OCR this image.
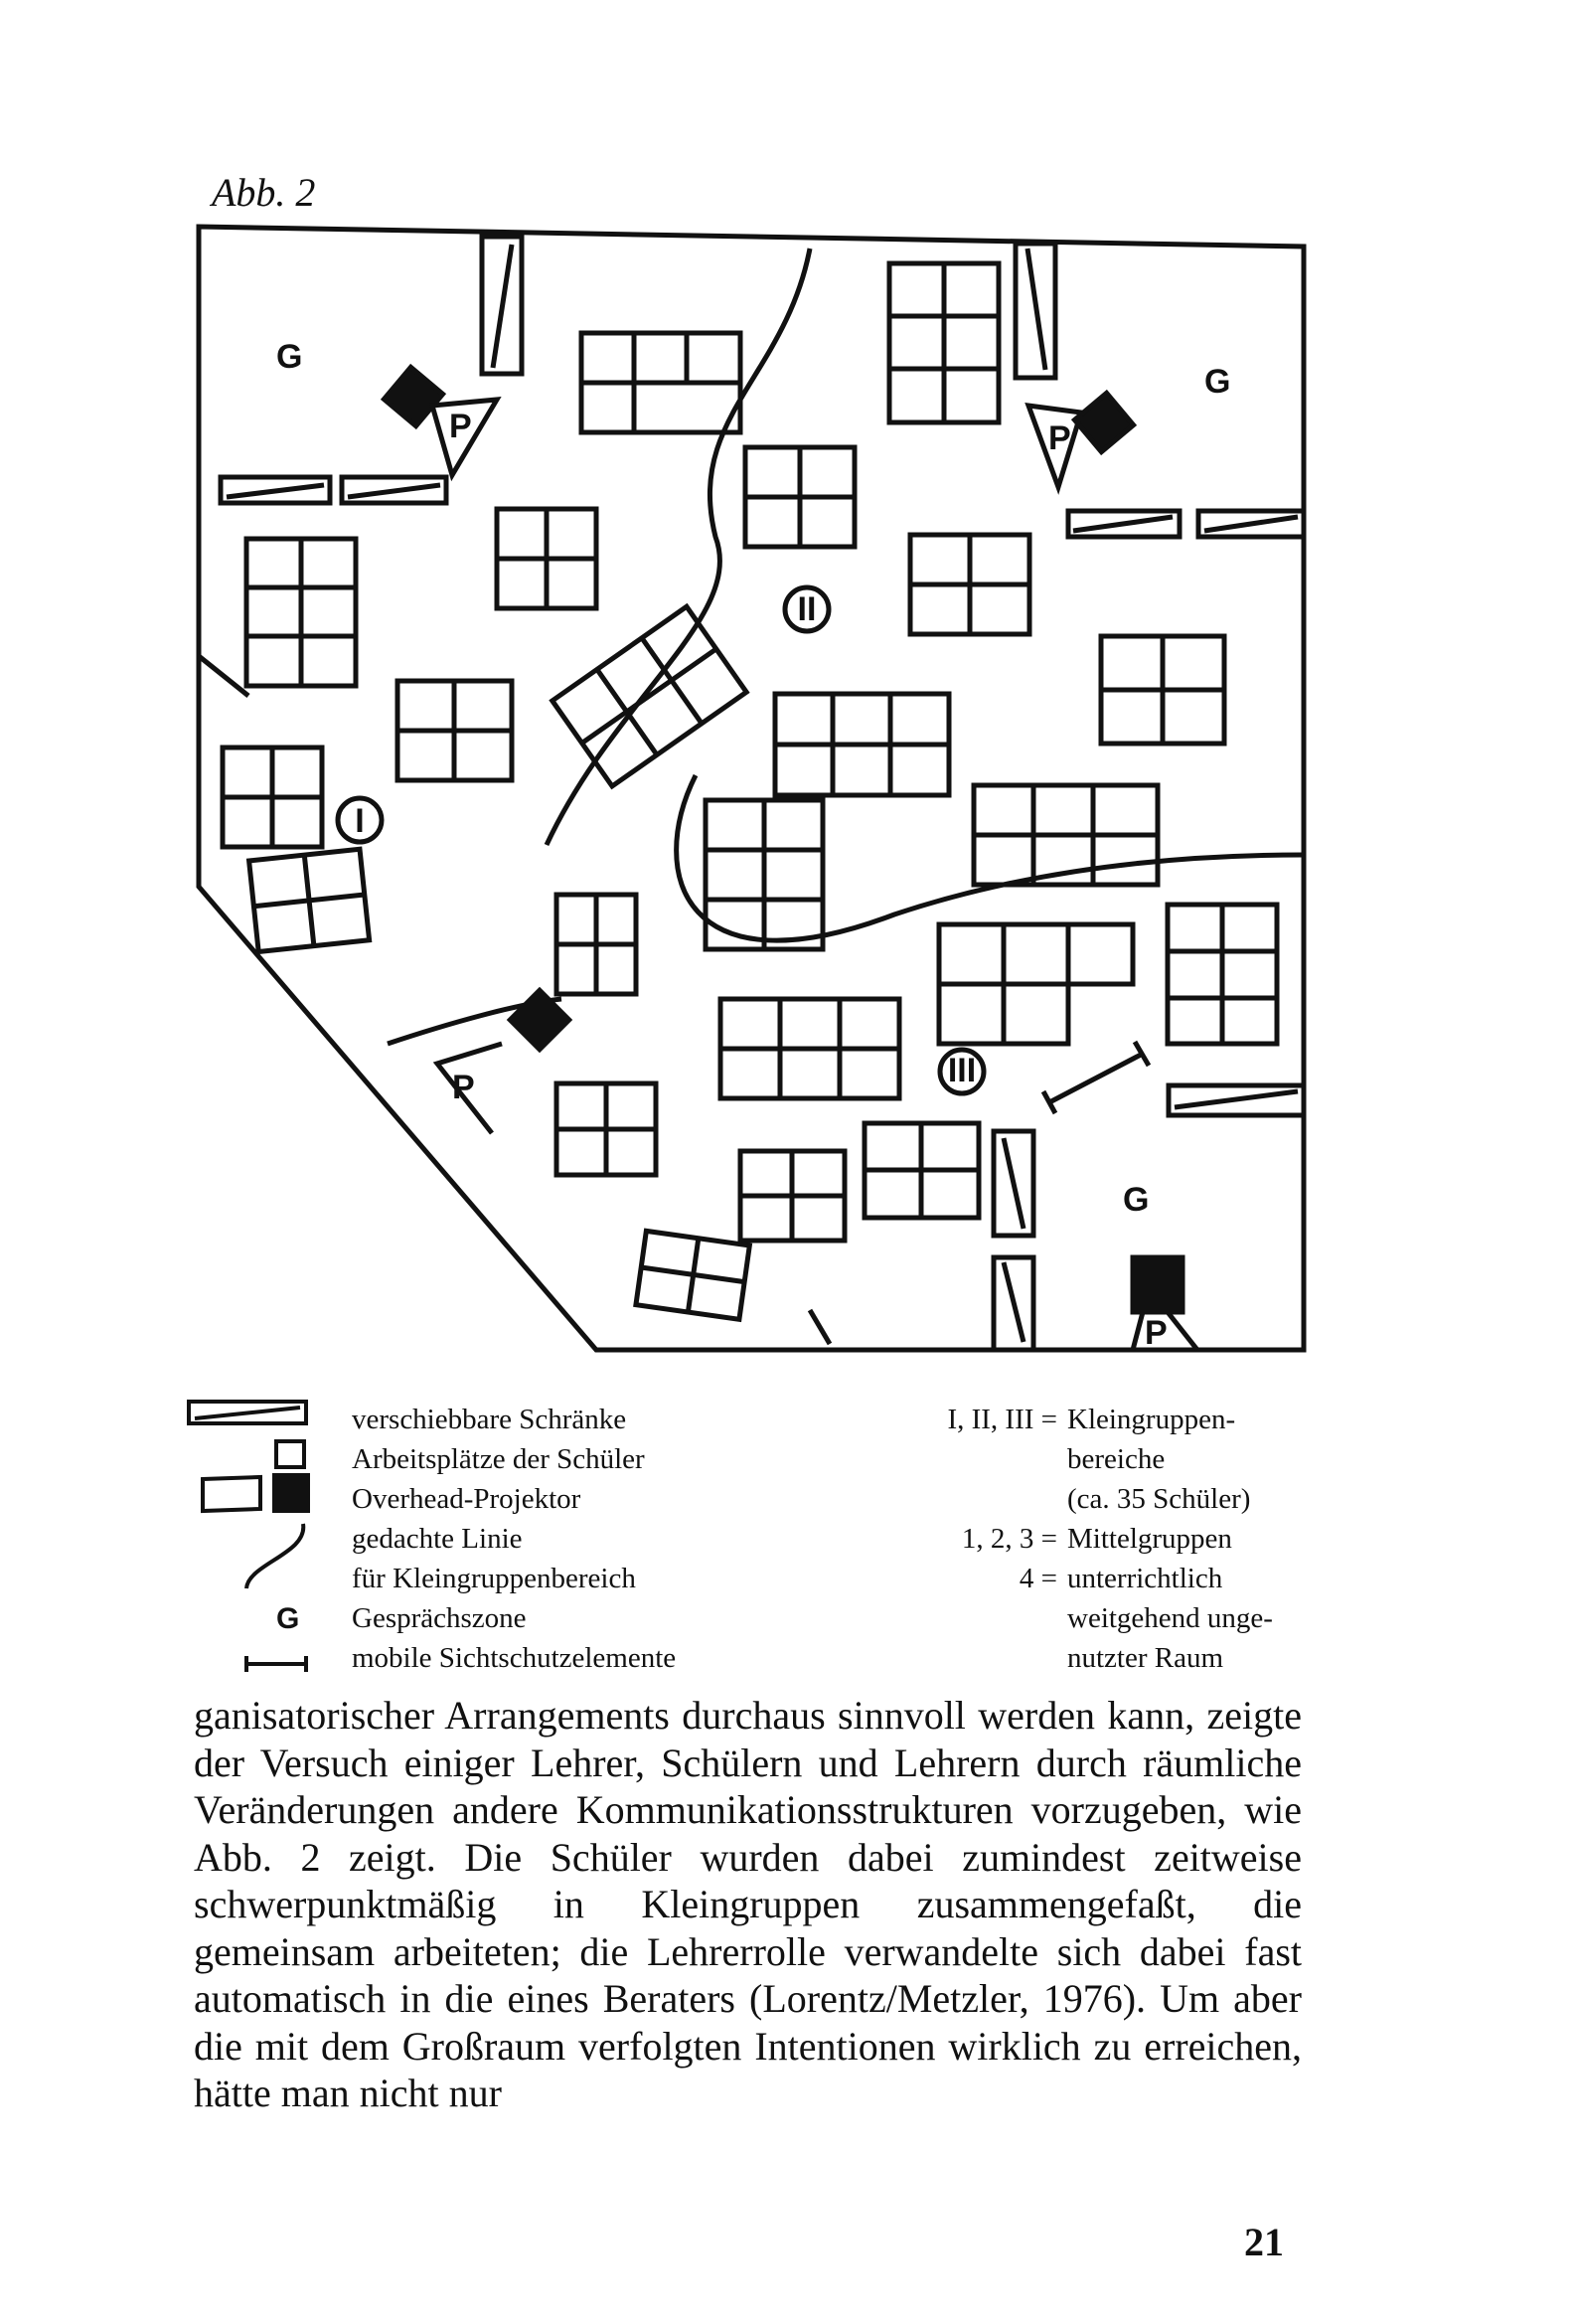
Abb. 2
P	P
P
P
I
II
III
G
G
G
G
verschiebbare Schränke
Arbeitsplätze der Schüler
Overhead-Projektor
gedachte Linie
für Kleingruppenbereich
Gesprächszone
mobile Sichtschutzelemente
I, II, III = Kleingruppen-
bereiche
(ca. 35 Schüler)
1, 2, 3 = Mittelgruppen
4 = unterrichtlich
weitgehend unge-
nutzter Raum

ganisatorischer Arrangements durchaus sinnvoll werden kann, zeigte der Versuch einiger Lehrer, Schülern und Lehrern durch räumliche Veränderungen andere Kommunikationsstrukturen vorzugeben, wie Abb. 2 zeigt. Die Schüler wurden dabei zumindest zeitweise schwerpunktmäßig in Kleingruppen zusammengefaßt, die gemeinsam arbeiteten; die Lehrerrolle verwandelte sich dabei fast automatisch in die eines Beraters (Lorentz/Metzler, 1976). Um aber die mit dem Großraum verfolgten Intentionen wirklich zu erreichen, hätte man nicht nur

21
